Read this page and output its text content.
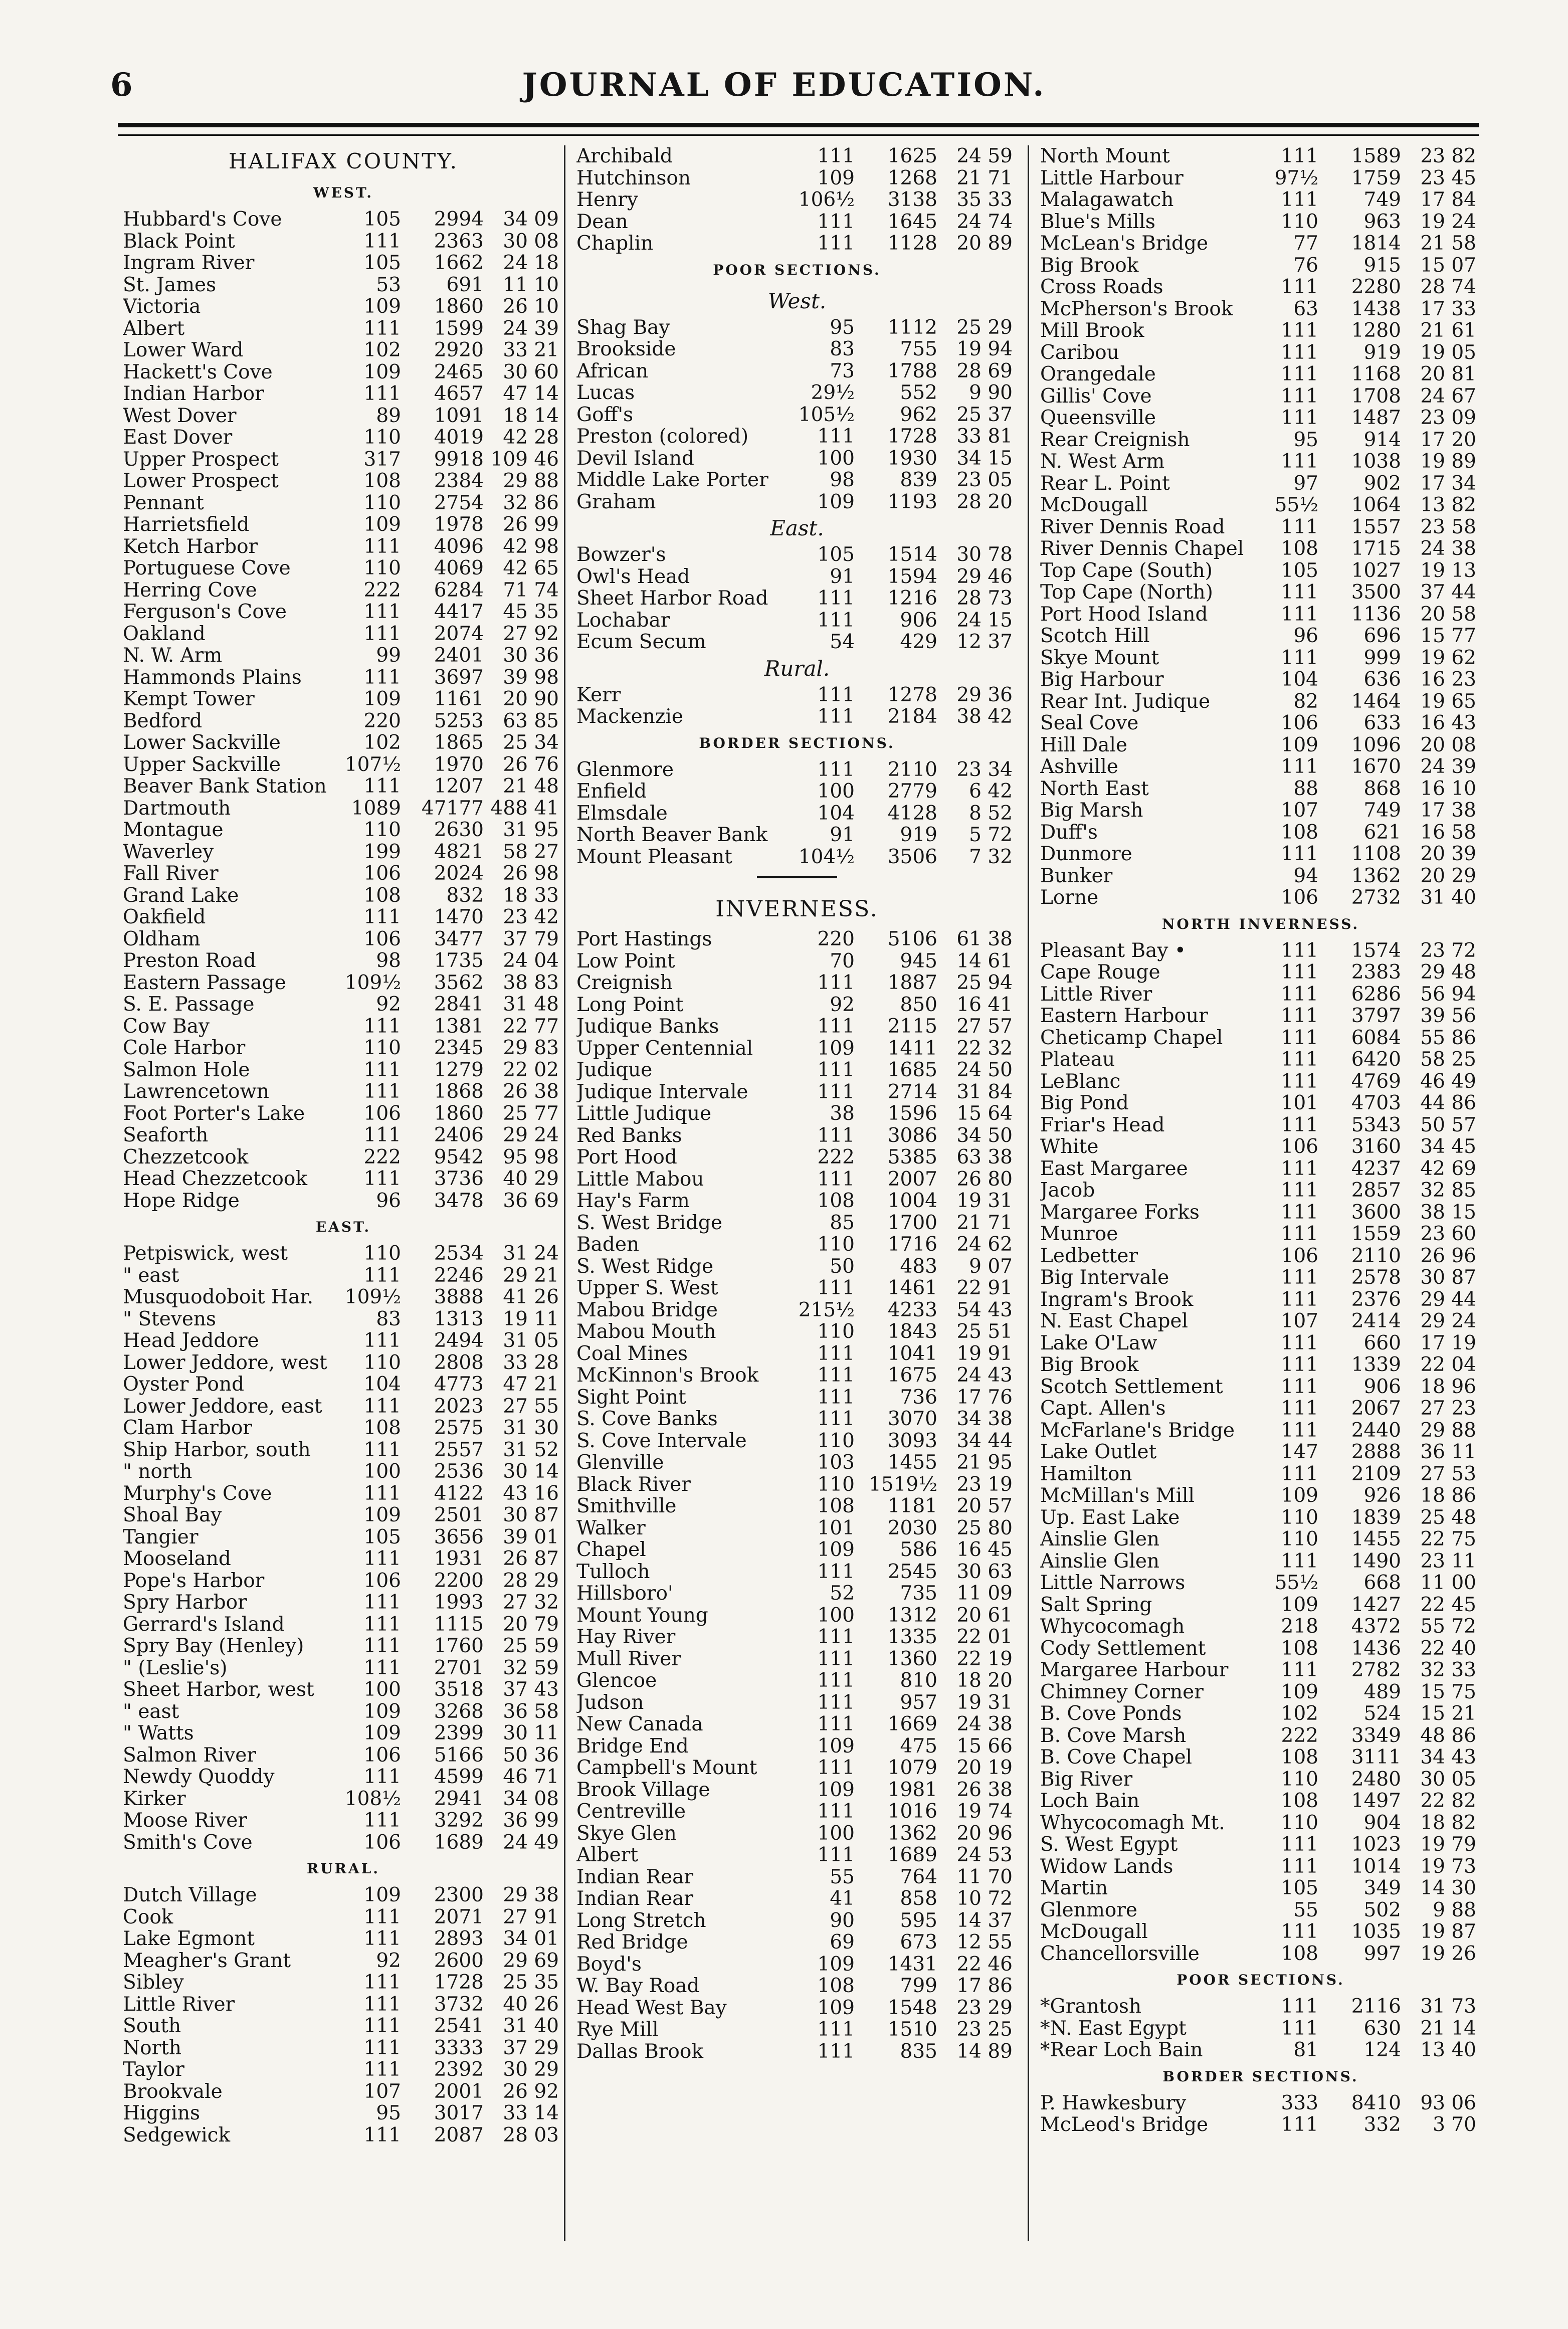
6	JOURNAL OF EDUCATION.
HALIFAX COUNTY.
WEST.
Hubbard's Cove	105	2994 34 09
Black Point	111	2363 30 08
Ingram River	105	1662 24 18
St. James	53	691 11 10
Victoria	109	1860 26 10
Albert	111	1599 24 39
Lower Ward	102	2920 33 21
Hackett's Cove	109	2465 30 60
Indian Harbor	111	4657 47 14
West Dover	89	1091 18 14
East Dover	110	4019 42 28
Upper Prospect	317	9918 109 46
Lower Prospect	108	2384 29 88
Pennant	110	2754 32 86
Harrietsfield	109	1978 26 99
Ketch Harbor	111	4096 42 98
Portuguese Cove	110	4069 42 65
Herring Cove	222	6284 71 74
Ferguson's Cove	111	4417 45 35
Oakland	111	2074 27 92
N. W. Arm	99	2401 30 36
Hammonds Plains	111	3697 39 98
Kempt Tower	109	1161 20 90
Bedford	220	5253 63 85
Lower Sackville	102	1865 25 34
Upper Sackville	107½	1970 26 76
Beaver Bank Station	111	1207 21 48
Dartmouth	1089	47177 488 41
Montague	110	2630 31 95
Waverley	199	4821 58 27
Fall River	106	2024 26 98
Grand Lake	108	832 18 33
Oakfield	111	1470 23 42
Oldham	106	3477 37 79
Preston Road	98	1735 24 04
Eastern Passage	109½	3562 38 83
S. E. Passage	92	2841 31 48
Cow Bay	111	1381 22 77
Cole Harbor	110	2345 29 83
Salmon Hole	111	1279 22 02
Lawrencetown	111	1868 26 38
Foot Porter's Lake	106	1860 25 77
Seaforth	111	2406 29 24
Chezzetcook	222	9542 95 98
Head Chezzetcook	111	3736 40 29
Hope Ridge	96	3478 36 69
EAST.
Petpiswick, west	110	2534 31 24
" east	111	2246 29 21
Musquodoboit Har.	109½	3888 41 26
" Stevens	83	1313 19 11
Head Jeddore	111	2494 31 05
Lower Jeddore, west	110	2808 33 28
Oyster Pond	104	4773 47 21
Lower Jeddore, east	111	2023 27 55
Clam Harbor	108	2575 31 30
Ship Harbor, south	111	2557 31 52
" north	100	2536 30 14
Murphy's Cove	111	4122 43 16
Shoal Bay	109	2501 30 87
Tangier	105	3656 39 01
Mooseland	111	1931 26 87
Pope's Harbor	106	2200 28 29
Spry Harbor	111	1993 27 32
Gerrard's Island	111	1115 20 79
Spry Bay (Henley)	111	1760 25 59
" (Leslie's)	111	2701 32 59
Sheet Harbor, west	100	3518 37 43
" east	109	3268 36 58
" Watts	109	2399 30 11
Salmon River	106	5166 50 36
Newdy Quoddy	111	4599 46 71
Kirker	108½	2941 34 08
Moose River	111	3292 36 99
Smith's Cove	106	1689 24 49
RURAL.
Dutch Village	109	2300 29 38
Cook	111	2071 27 91
Lake Egmont	111	2893 34 01
Meagher's Grant	92	2600 29 69
Sibley	111	1728 25 35
Little River	111	3732 40 26
South	111	2541 31 40
North	111	3333 37 29
Taylor	111	2392 30 29
Brookvale	107	2001 26 92
Higgins	95	3017 33 14
Sedgewick	111	2087 28 03
Archibald	111	1625 24 59
Hutchinson	109	1268 21 71
Henry	106½	3138 35 33
Dean	111	1645 24 74
Chaplin	111	1128 20 89
POOR SECTIONS.
West.
Shag Bay	95	1112 25 29
Brookside	83	755 19 94
African	73	1788 28 69
Lucas	29½	552	9 90
Goff's	105½	962 25 37
Preston (colored)	111	1728 33 81
Devil Island	100	1930 34 15
Middle Lake Porter	98	839 23 05
Graham	109	1193 28 20
East.
Bowzer's	105	1514 30 78
Owl's Head	91	1594 29 46
Sheet Harbor Road	111	1216 28 73
Lochabar	111	906 24 15
Ecum Secum	54	429 12 37
Rural.
Kerr	111	1278 29 36
Mackenzie	111	2184 38 42
BORDER SECTIONS.
Glenmore	111	2110 23 34
Enfield	100	2779	6 42
Elmsdale	104	4128	8 52
North Beaver Bank	91	919	5 72
Mount Pleasant	104½	3506	7 32
INVERNESS.
Port Hastings	220	5106 61 38
Low Point	70	945 14 61
Creignish	111	1887 25 94
Long Point	92	850 16 41
Judique Banks	111	2115 27 57
Upper Centennial	109	1411 22 32
Judique	111	1685 24 50
Judique Intervale	111	2714 31 84
Little Judique	38	1596 15 64
Red Banks	111	3086 34 50
Port Hood	222	5385 63 38
Little Mabou	111	2007 26 80
Hay's Farm	108	1004 19 31
S. West Bridge	85	1700 21 71
Baden	110	1716 24 62
S. West Ridge	50	483	9 07
Upper S. West	111	1461 22 91
Mabou Bridge	215½	4233 54 43
Mabou Mouth	110	1843 25 51
Coal Mines	111	1041 19 91
McKinnon's Brook	111	1675 24 43
Sight Point	111	736 17 76
S. Cove Banks	111	3070 34 38
S. Cove Intervale	110	3093 34 44
Glenville	103	1455 21 95
Black River	110 1519½ 23 19
Smithville	108	1181 20 57
Walker	101	2030 25 80
Chapel	109	586 16 45
Tulloch	111	2545 30 63
Hillsboro'	52	735 11 09
Mount Young	100	1312 20 61
Hay River	111	1335 22 01
Mull River	111	1360 22 19
Glencoe	111	810 18 20
Judson	111	957 19 31
New Canada	111	1669 24 38
Bridge End	109	475 15 66
Campbell's Mount	111	1079 20 19
Brook Village	109	1981 26 38
Centreville	111	1016 19 74
Skye Glen	100	1362 20 96
Albert	111	1689 24 53
Indian Rear	55	764 11 70
Indian Rear	41	858 10 72
Long Stretch	90	595 14 37
Red Bridge	69	673 12 55
Boyd's	109	1431 22 46
W. Bay Road	108	799 17 86
Head West Bay	109	1548 23 29
Rye Mill	111	1510 23 25
Dallas Brook	111	835 14 89
North Mount	111	1589 23 82
Little Harbour	97½	1759 23 45
Malagawatch	111	749 17 84
Blue's Mills	110	963 19 24
McLean's Bridge	77	1814 21 58
Big Brook	76	915 15 07
Cross Roads	111	2280 28 74
McPherson's Brook	63	1438 17 33
Mill Brook	111	1280 21 61
Caribou	111	919 19 05
Orangedale	111	1168 20 81
Gillis' Cove	111	1708 24 67
Queensville	111	1487 23 09
Rear Creignish	95	914 17 20
N. West Arm	111	1038 19 89
Rear L. Point	97	902 17 34
McDougall	55½	1064 13 82
River Dennis Road	111	1557 23 58
River Dennis Chapel	108	1715 24 38
Top Cape (South)	105	1027 19 13
Top Cape (North)	111	3500 37 44
Port Hood Island	111	1136 20 58
Scotch Hill	96	696 15 77
Skye Mount	111	999 19 62
Big Harbour	104	636 16 23
Rear Int. Judique	82	1464 19 65
Seal Cove	106	633 16 43
Hill Dale	109	1096 20 08
Ashville	111	1670 24 39
North East	88	868 16 10
Big Marsh	107	749 17 38
Duff's	108	621 16 58
Dunmore	111	1108 20 39
Bunker	94	1362 20 29
Lorne	106	2732 31 40
NORTH INVERNESS.
Pleasant Bay •	111	1574 23 72
Cape Rouge	111	2383 29 48
Little River	111	6286 56 94
Eastern Harbour	111	3797 39 56
Cheticamp Chapel	111	6084 55 86
Plateau	111	6420 58 25
LeBlanc	111	4769 46 49
Big Pond	101	4703 44 86
Friar's Head	111	5343 50 57
White	106	3160 34 45
East Margaree	111	4237 42 69
Jacob	111	2857 32 85
Margaree Forks	111	3600 38 15
Munroe	111	1559 23 60
Ledbetter	106	2110 26 96
Big Intervale	111	2578 30 87
Ingram's Brook	111	2376 29 44
N. East Chapel	107	2414 29 24
Lake O'Law	111	660 17 19
Big Brook	111	1339 22 04
Scotch Settlement	111	906 18 96
Capt. Allen's	111	2067 27 23
McFarlane's Bridge	111	2440 29 88
Lake Outlet	147	2888 36 11
Hamilton	111	2109 27 53
McMillan's Mill	109	926 18 86
Up. East Lake	110	1839 25 48
Ainslie Glen	110	1455 22 75
Ainslie Glen	111	1490 23 11
Little Narrows	55½	668 11 00
Salt Spring	109	1427 22 45
Whycocomagh	218	4372 55 72
Cody Settlement	108	1436 22 40
Margaree Harbour	111	2782 32 33
Chimney Corner	109	489 15 75
B. Cove Ponds	102	524 15 21
B. Cove Marsh	222	3349 48 86
B. Cove Chapel	108	3111 34 43
Big River	110	2480 30 05
Loch Bain	108	1497 22 82
Whycocomagh Mt.	110	904 18 82
S. West Egypt	111	1023 19 79
Widow Lands	111	1014 19 73
Martin	105	349 14 30
Glenmore	55	502	9 88
McDougall	111	1035 19 87
Chancellorsville	108	997 19 26
POOR SECTIONS.
*Grantosh	111	2116 31 73
*N. East Egypt	111	630 21 14
*Rear Loch Bain	81	124 13 40
BORDER SECTIONS.
P. Hawkesbury	333	8410 93 06
McLeod's Bridge	111	332	3 70
